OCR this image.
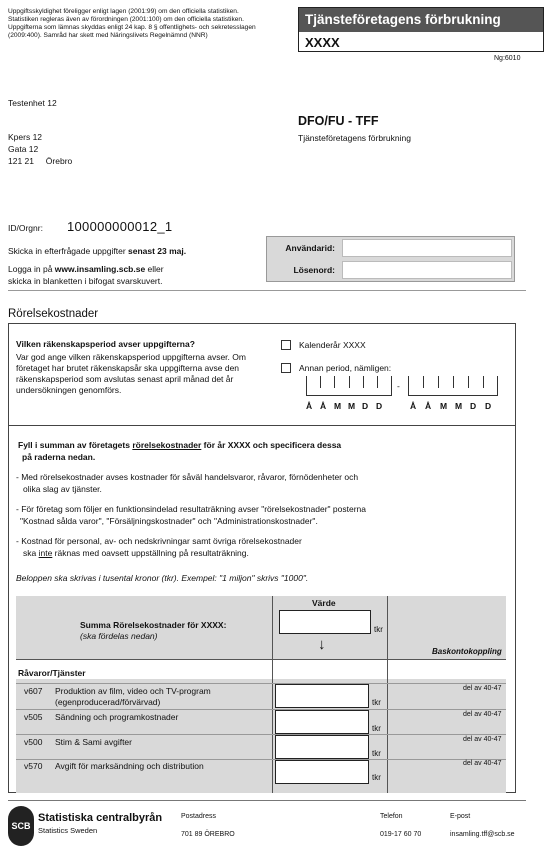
Uppgiftsskyldighet föreligger enligt lagen (2001:99) om den officiella statistiken. Statistiken regleras även av förordningen (2001:100) om den officiella statistiken. Uppgifterna som lämnas skyddas enligt 24 kap. 8 § offentlighets- och sekretesslagen (2009:400). Samråd har skett med Näringslivets Regelnämnd (NNR)
Tjänsteföretagens förbrukning
XXXX
Ng:6010
Testenhet 12
Kpers 12
Gata 12
121 21     Örebro
DFO/FU - TFF
Tjänsteföretagens förbrukning
ID/Orgnr: 100000000012_1
Skicka in efterfrågade uppgifter senast 23 maj.
Logga in på www.insamling.scb.se eller
skicka in blanketten i bifogat svarskuvert.
Användarid:
Lösenord:
Rörelsekostnader
Vilken räkenskapsperiod avser uppgifterna?
Var god ange vilken räkenskapsperiod uppgifterna avser. Om företaget har brutet räkenskapsår ska uppgifterna avse den räkenskapsperiod som avslutas senast april månad det år undersökningen genomförs.
Kalenderår XXXX
Annan period, nämligen:
-
Å Å M M D D	Å Å M M D D
Fyll i summan av företagets rörelsekostnader för år XXXX och specificera dessa
på raderna nedan.
- Med rörelsekostnader avses kostnader för såväl handelsvaror, råvaror, förnödenheter och
olika slag av tjänster.
- För företag som följer en funktionsindelad resultaträkning avser "rörelsekostnader" posterna
"Kostnad sålda varor", "Försäljningskostnader" och "Administrationskostnader".
- Kostnad för personal, av- och nedskrivningar samt övriga rörelsekostnader
ska inte räknas med oavsett uppställning på resultaträkning.
Beloppen ska skrivas i tusental kronor (tkr). Exempel: "1 miljon" skrivs "1000".
Värde
Summa Rörelsekostnader för XXXX:
(ska fördelas nedan)
tkr
↓	Baskontokoppling
Råvaror/Tjänster
v607 Produktion av film, video och TV-program
(egenproducerad/förvärvad)	tkr
del av 40-47
v505 Sändning och programkostnader
tkr
del av 40-47
v500 Stim & Sami avgifter
tkr
del av 40-47
v570 Avgift för marksändning och distribution
tkr
del av 40-47
SCB
Statistiska centralbyrån
Statistics Sweden
Postadress
701 89 ÖREBRO
Telefon
019-17 60 70
E-post
insamling.tff@scb.se
